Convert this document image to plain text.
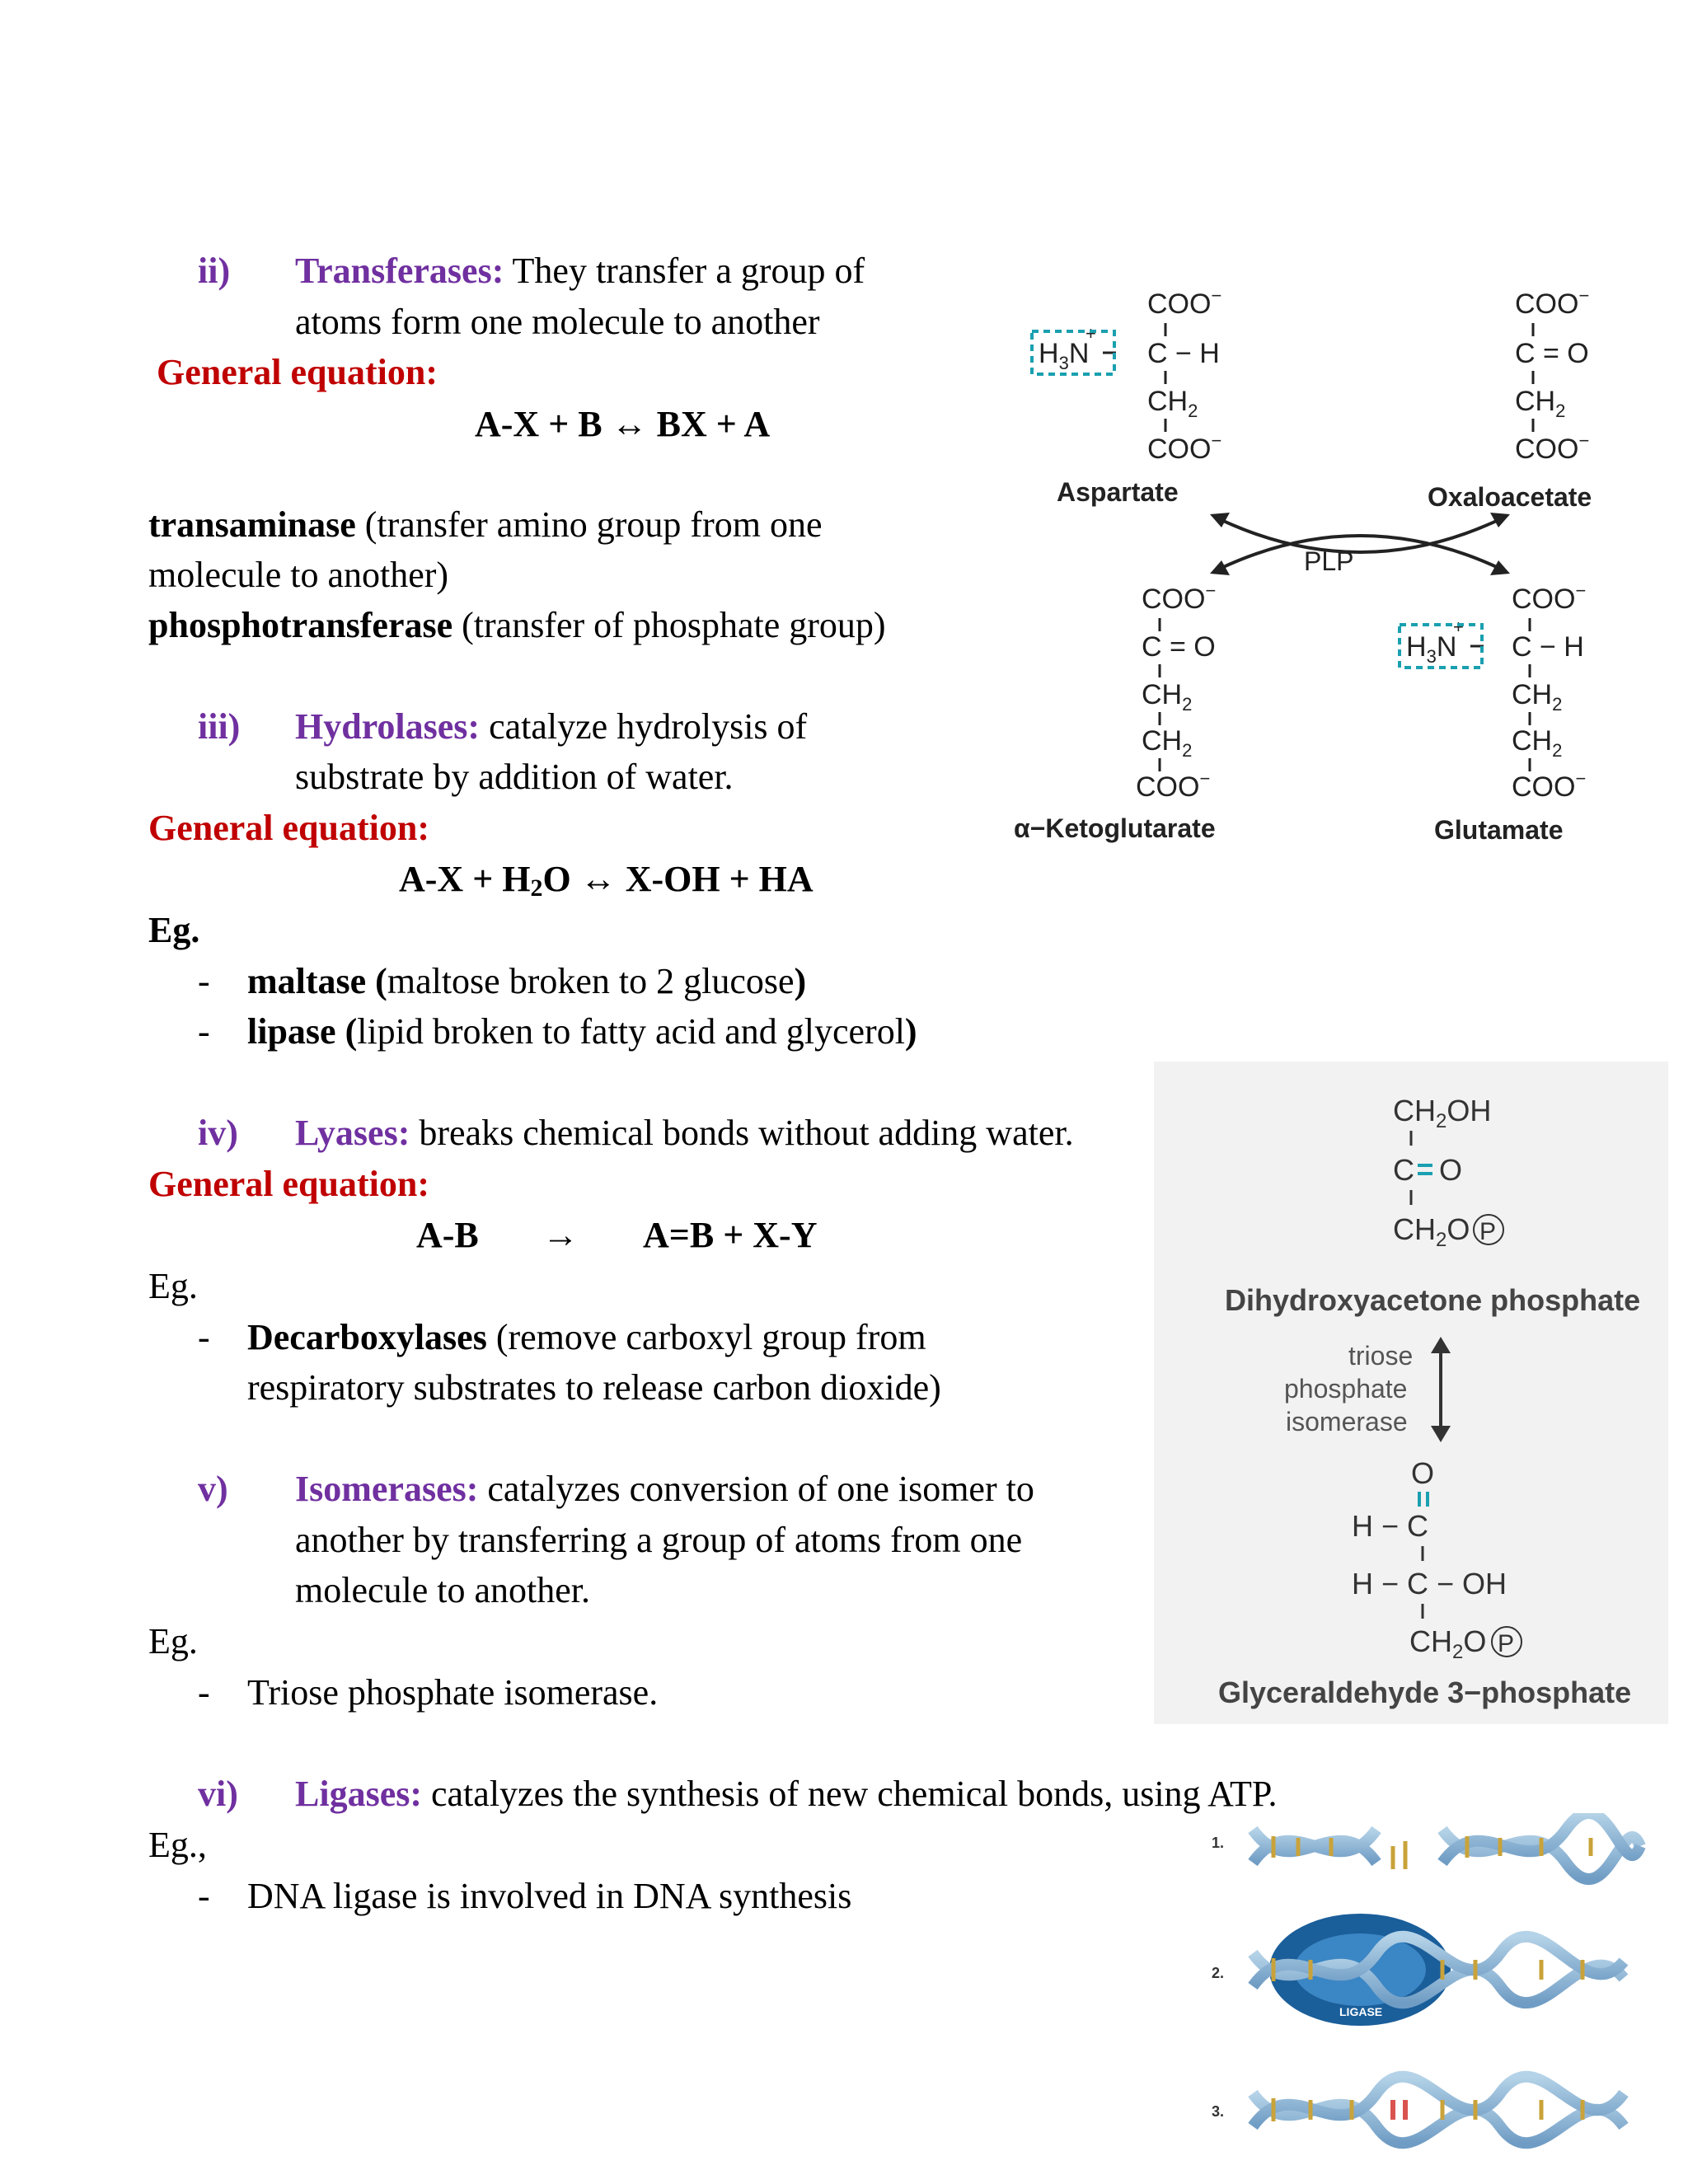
ii) Transferases: They transfer a group of
atoms form one molecule to another
General equation:
A-X + B ↔ BX + A
transaminase (transfer amino group from one
molecule to another)
phosphotransferase (transfer of phosphate group)
iii) Hydrolases: catalyze hydrolysis of
substrate by addition of water.
General equation:
A-X + H2O ↔ X-OH + HA
Eg.
- maltase (maltose broken to 2 glucose)
- lipase (lipid broken to fatty acid and glycerol)
iv) Lyases: breaks chemical bonds without adding water.
General equation:
A-B → A=B + X-Y
Eg.
- Decarboxylases (remove carboxyl group from
respiratory substrates to release carbon dioxide)
v) Isomerases: catalyzes conversion of one isomer to
another by transferring a group of atoms from one
molecule to another.
Eg.
- Triose phosphate isomerase.
vi) Ligases: catalyzes the synthesis of new chemical bonds, using ATP.
Eg.,
- DNA ligase is involved in DNA synthesis
COO−
$H_3N$
+
C − H
$CH_2$
COO−
Aspartate
COO−
C = O
$CH_2$
COO−
Oxaloacetate
PLP
COO−
C = O
$CH_2$
$CH_2$
COO−
α−Ketoglutarate
COO−
$H_3N$
+
C − H
$CH_2$
$CH_2$
COO−
Glutamate
$CH_2OH$
C O
$CH_2O$ P
Dihydroxyacetone phosphate
triose
phosphate
isomerase
O
H − C
H − C − OH
$CH_2O$ P
Glyceraldehyde 3−phosphate
1.
2.
3.
LIGASE
